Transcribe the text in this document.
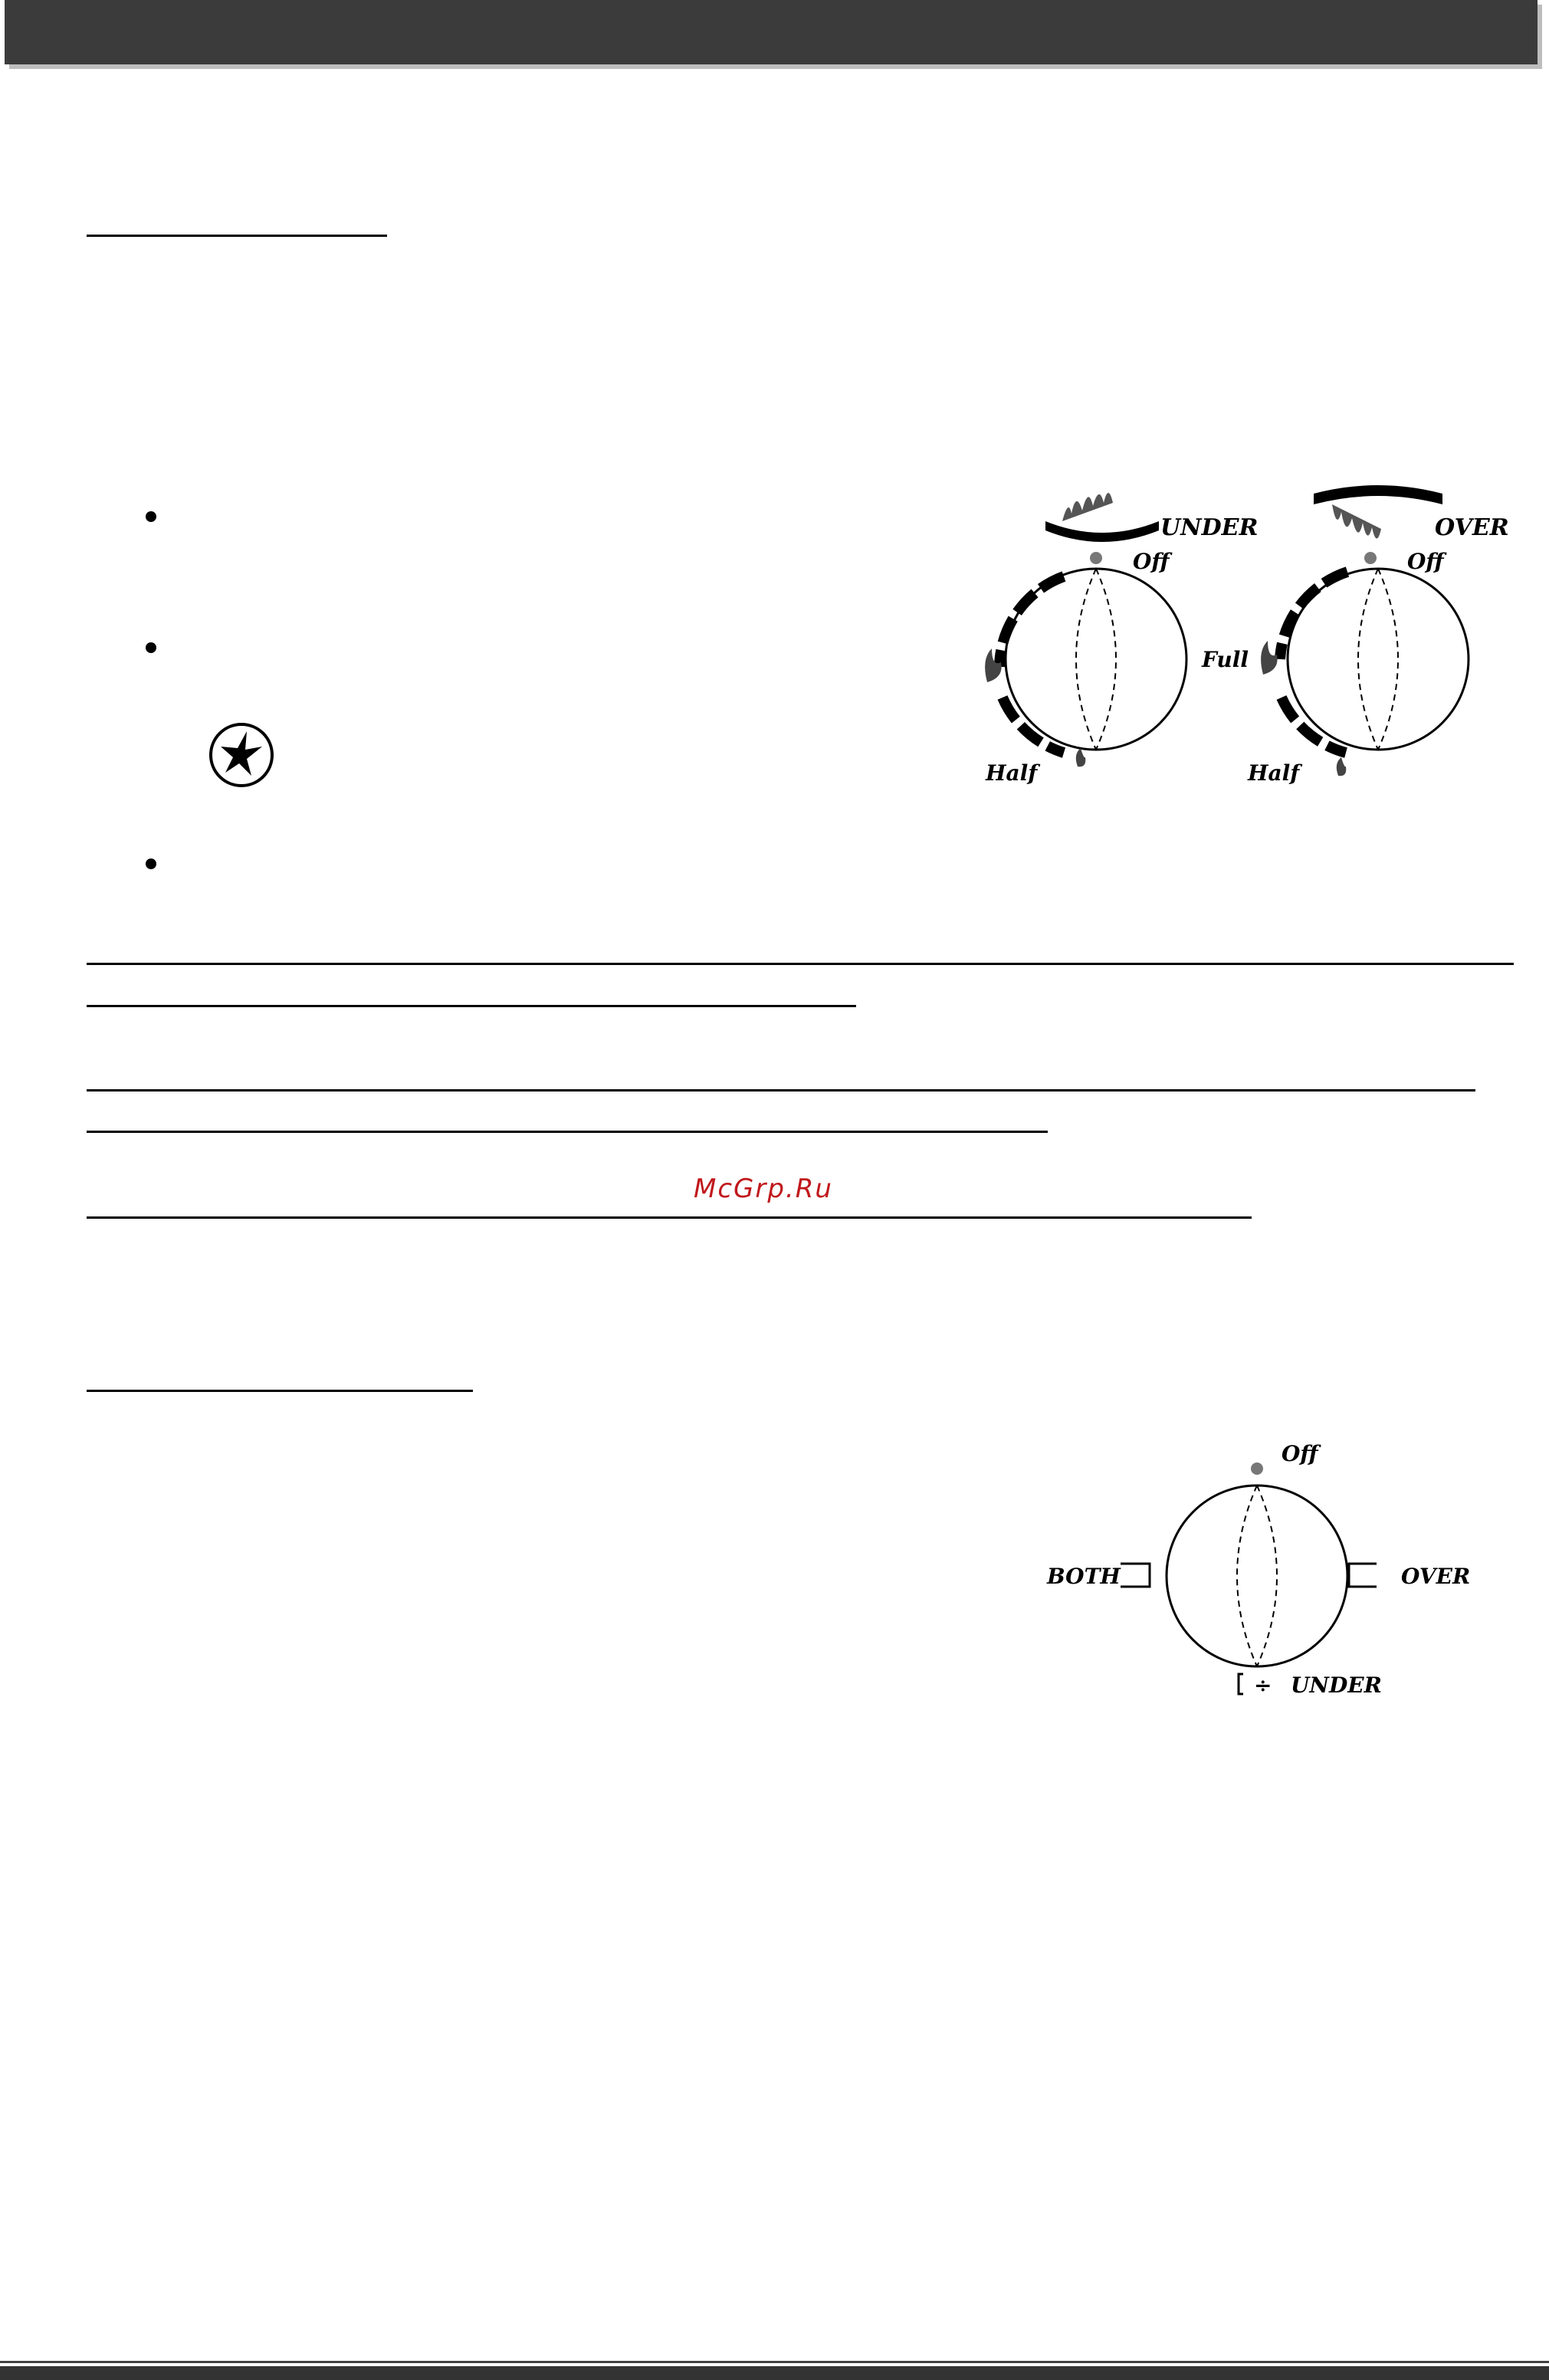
UNDER
Off
Half
Full
OVER
Off
Half
McGrp.Ru
Off
BOTH	OVER
÷ UNDER
